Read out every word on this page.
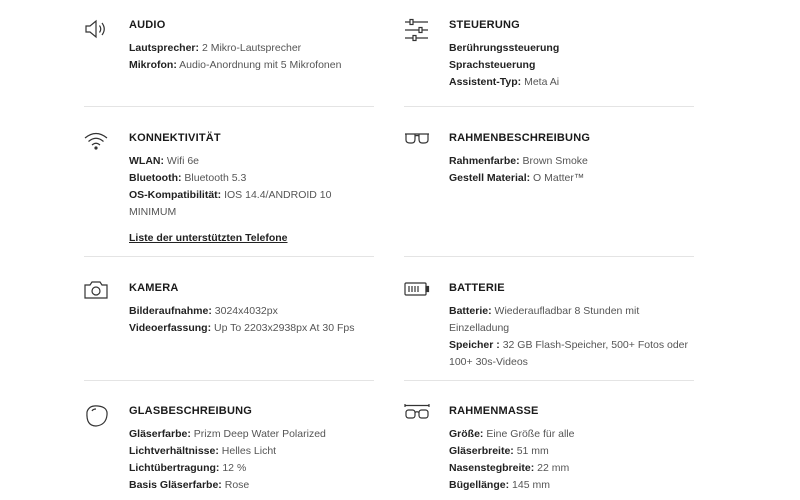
AUDIO
Lautsprecher: 2 Mikro-Lautsprecher
Mikrofon: Audio-Anordnung mit 5 Mikrofonen
STEUERUNG
Berührungssteuerung
Sprachsteuerung
Assistent-Typ: Meta Ai
KONNEKTIVITÄT
WLAN: Wifi 6e
Bluetooth: Bluetooth 5.3
OS-Kompatibilität: IOS 14.4/ANDROID 10 MINIMUM
Liste der unterstützten Telefone
RAHMENBESCHREIBUNG
Rahmenfarbe: Brown Smoke
Gestell Material: O Matter™
KAMERA
Bilderaufnahme: 3024x4032px
Videoerfassung: Up To 2203x2938px At 30 Fps
BATTERIE
Batterie: Wiederaufladbar 8 Stunden mit Einzelladung
Speicher : 32 GB Flash-Speicher, 500+ Fotos oder 100+ 30s-Videos
GLASBESCHREIBUNG
Gläserfarbe: Prizm Deep Water Polarized
Lichtverhältnisse: Helles Licht
Lichtübertragung: 12 %
Basis Gläserfarbe: Rose
RAHMENMASSE
Größe: Eine Größe für alle
Gläserbreite: 51 mm
Nasenstegbreite: 22 mm
Bügellänge: 145 mm
